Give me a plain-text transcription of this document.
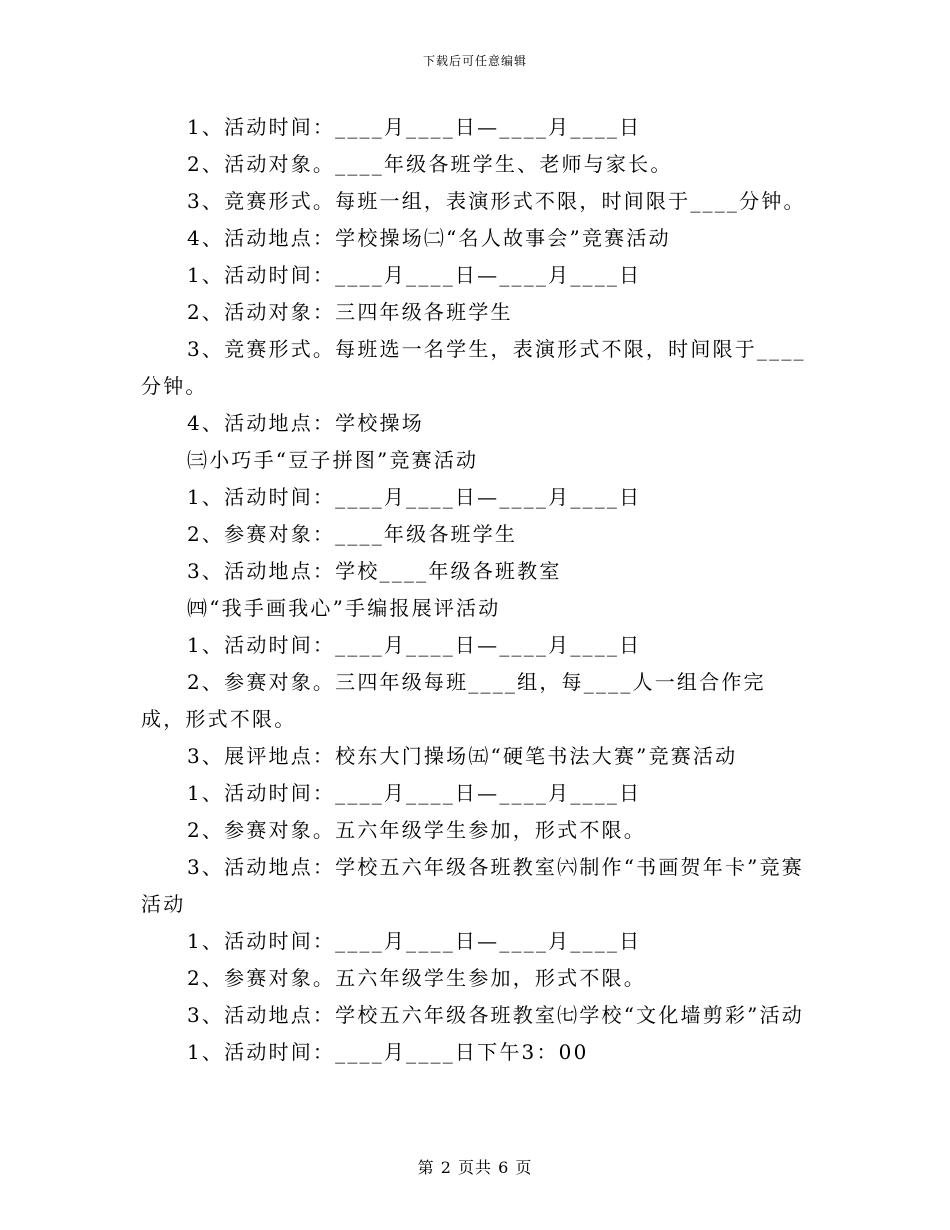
下载后可任意编辑

1、活动时间：____月____日—____月____日

2、活动对象。____年级各班学生、老师与家长。

3、竞赛形式。每班一组，表演形式不限，时间限于____分钟。

4、活动地点：学校操场㈡“名人故事会”竞赛活动

1、活动时间：____月____日—____月____日

2、活动对象：三四年级各班学生

3、竞赛形式。每班选一名学生，表演形式不限，时间限于____分钟。

4、活动地点：学校操场

㈢小巧手“豆子拼图”竞赛活动

1、活动时间：____月____日—____月____日

2、参赛对象：____年级各班学生

3、活动地点：学校____年级各班教室

㈣“我手画我心”手编报展评活动

1、活动时间：____月____日—____月____日

2、参赛对象。三四年级每班____组，每____人一组合作完成，形式不限。

3、展评地点：校东大门操场㈤“硬笔书法大赛”竞赛活动

1、活动时间：____月____日—____月____日

2、参赛对象。五六年级学生参加，形式不限。

3、活动地点：学校五六年级各班教室㈥制作“书画贺年卡”竞赛活动

1、活动时间：____月____日—____月____日

2、参赛对象。五六年级学生参加，形式不限。

3、活动地点：学校五六年级各班教室㈦学校“文化墙剪彩”活动

1、活动时间：____月____日下午3：00

第 2 页共 6 页
